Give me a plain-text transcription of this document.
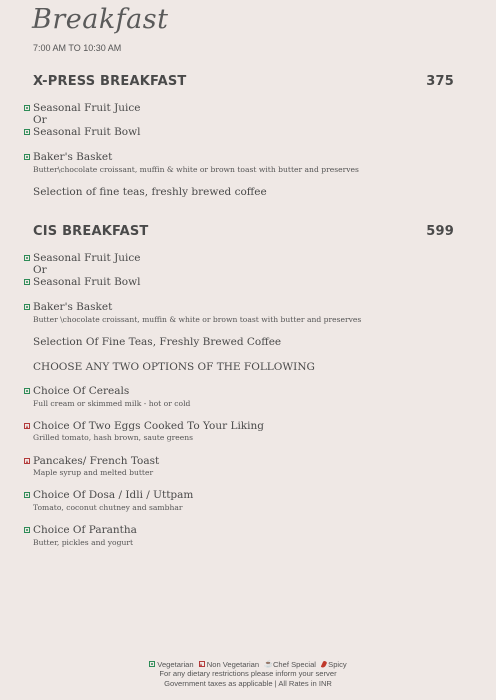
Breakfast
7:00 AM TO 10:30 AM
X-PRESS BREAKFAST	375
Seasonal Fruit Juice
Or
Seasonal Fruit Bowl
Baker's Basket
Butter\chocolate croissant, muffin & white or brown toast with butter and preserves
Selection of fine teas, freshly brewed coffee
CIS BREAKFAST	599
Seasonal Fruit Juice
Or
Seasonal Fruit Bowl
Baker's Basket
Butter \chocolate croissant, muffin & white or brown toast with butter and preserves
Selection Of Fine Teas, Freshly Brewed Coffee
CHOOSE ANY TWO OPTIONS OF THE FOLLOWING
Choice Of Cereals
Full cream or skimmed milk - hot or cold
Choice Of Two Eggs Cooked To Your Liking
Grilled tomato, hash brown, saute greens
Pancakes/ French Toast
Maple syrup and melted butter
Choice Of Dosa / Idli / Uttpam
Tomato, coconut chutney and sambhar
Choice Of Parantha
Butter, pickles and yogurt
Vegetarian Non Vegetarian ☕Chef Special Spicy
For any dietary restrictions please inform your server
Government taxes as applicable | All Rates in INR
